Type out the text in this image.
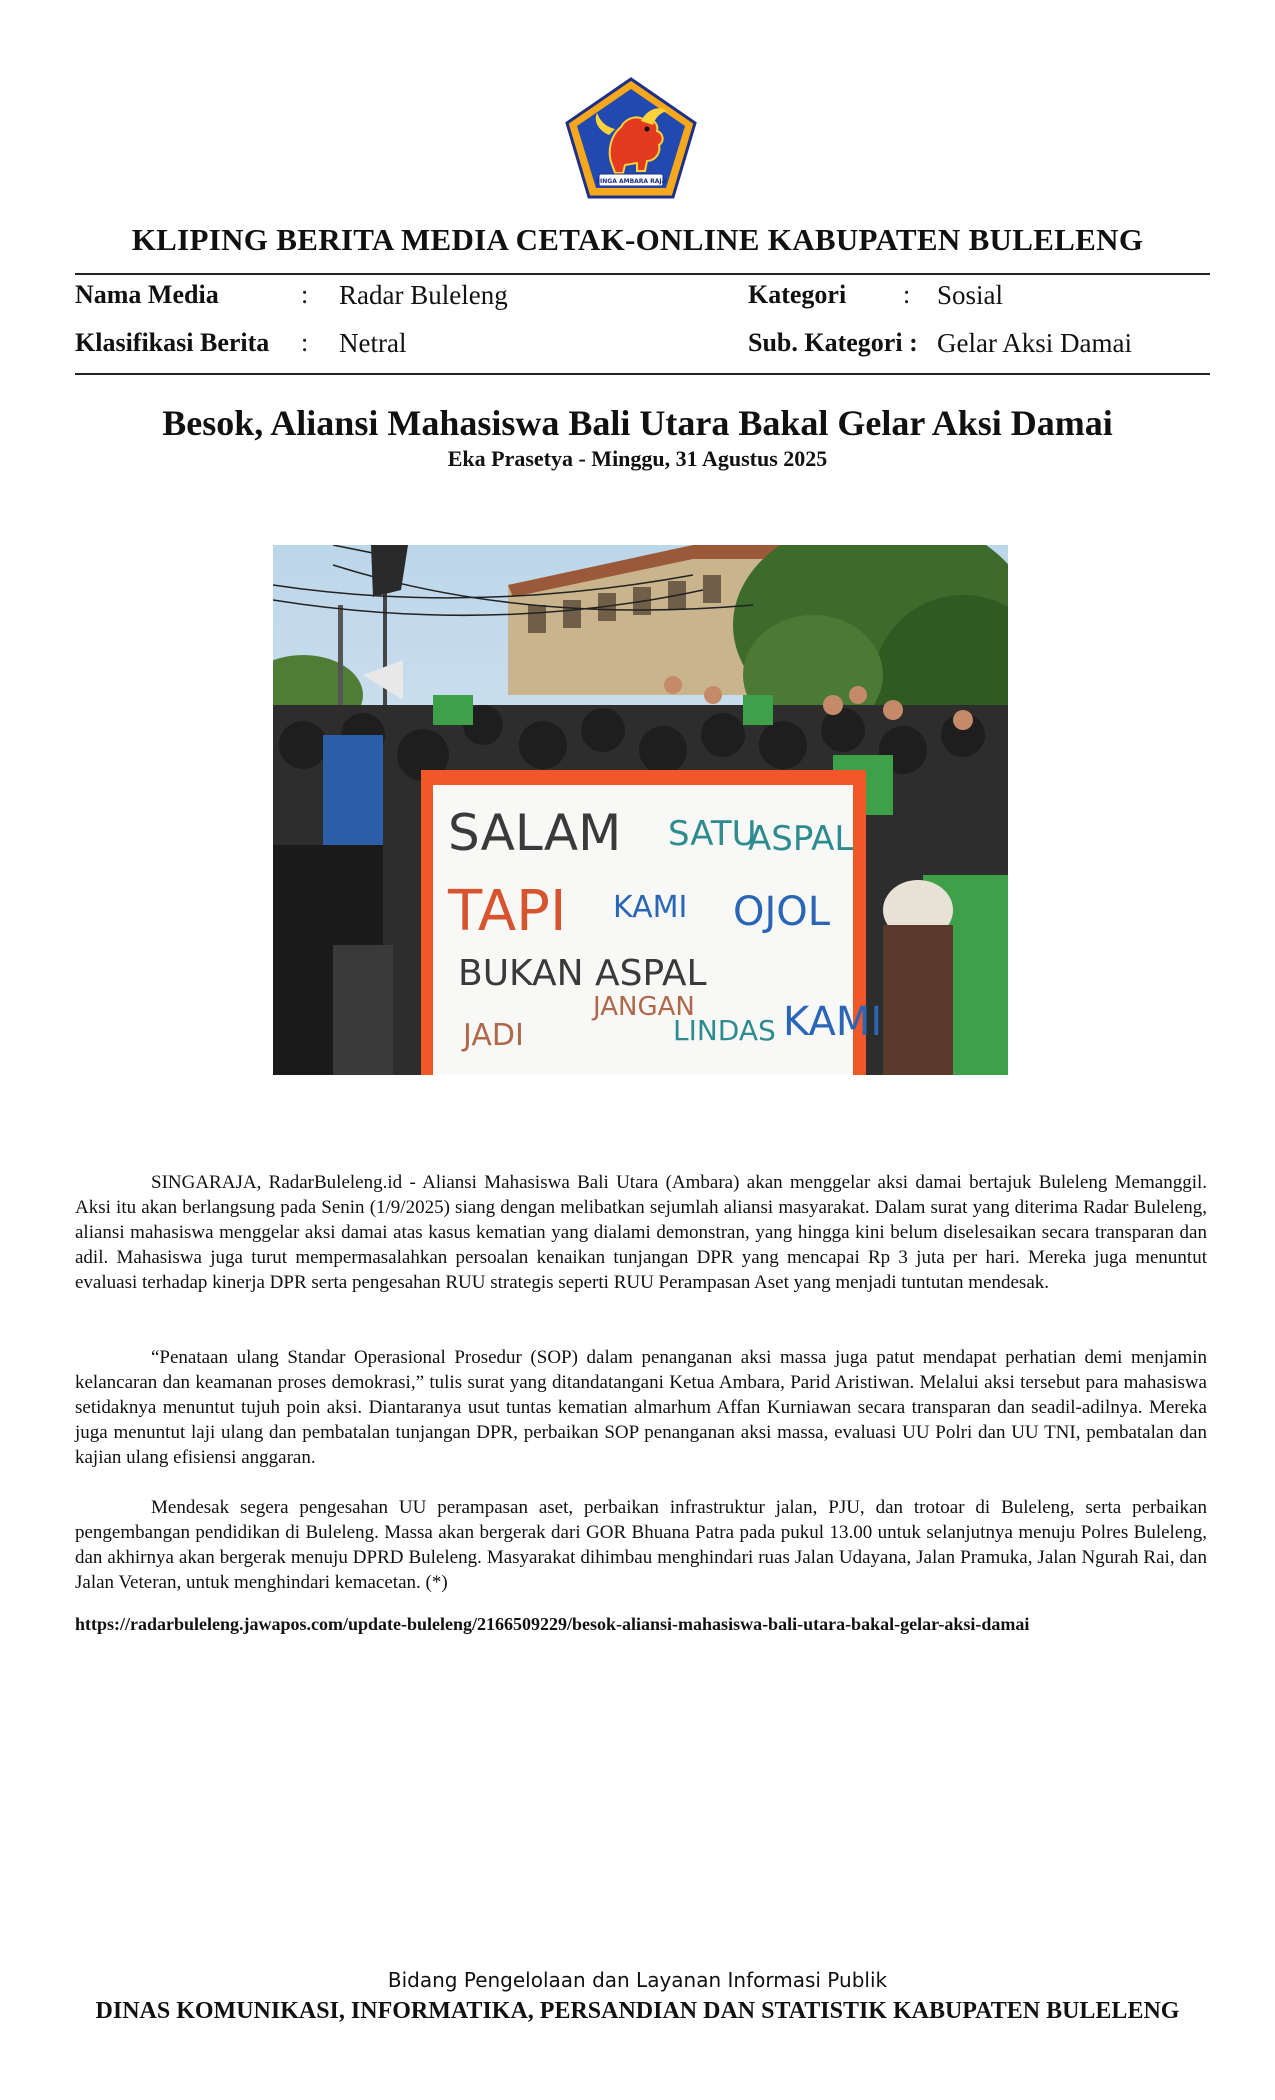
SINGA AMBARA RAJA
KLIPING BERITA MEDIA CETAK-ONLINE KABUPATEN BULELENG
Nama Media	: Radar Buleleng	Kategori : Sosial
Klasifikasi Berita : Netral	Sub. Kategori : Gelar Aksi Damai
Besok, Aliansi Mahasiswa Bali Utara Bakal Gelar Aksi Damai
Eka Prasetya - Minggu, 31 Agustus 2025
SALAM SATU
ASPAL
TAPI KAMI OJOL
BUKAN ASPAL
JADI
JANGAN
LINDAS KAMI
SINGARAJA, RadarBuleleng.id - Aliansi Mahasiswa Bali Utara (Ambara) akan menggelar aksi damai bertajuk Buleleng Memanggil. Aksi itu akan berlangsung pada Senin (1/9/2025) siang dengan melibatkan sejumlah aliansi masyarakat. Dalam surat yang diterima Radar Buleleng, aliansi mahasiswa menggelar aksi damai atas kasus kematian yang dialami demonstran, yang hingga kini belum diselesaikan secara transparan dan adil. Mahasiswa juga turut mempermasalahkan persoalan kenaikan tunjangan DPR yang mencapai Rp 3 juta per hari. Mereka juga menuntut evaluasi terhadap kinerja DPR serta pengesahan RUU strategis seperti RUU Perampasan Aset yang menjadi tuntutan mendesak.
“Penataan ulang Standar Operasional Prosedur (SOP) dalam penanganan aksi massa juga patut mendapat perhatian demi menjamin kelancaran dan keamanan proses demokrasi,” tulis surat yang ditandatangani Ketua Ambara, Parid Aristiwan. Melalui aksi tersebut para mahasiswa setidaknya menuntut tujuh poin aksi. Diantaranya usut tuntas kematian almarhum Affan Kurniawan secara transparan dan seadil-adilnya. Mereka juga menuntut laji ulang dan pembatalan tunjangan DPR, perbaikan SOP penanganan aksi massa, evaluasi UU Polri dan UU TNI, pembatalan dan kajian ulang efisiensi anggaran.
Mendesak segera pengesahan UU perampasan aset, perbaikan infrastruktur jalan, PJU, dan trotoar di Buleleng, serta perbaikan pengembangan pendidikan di Buleleng. Massa akan bergerak dari GOR Bhuana Patra pada pukul 13.00 untuk selanjutnya menuju Polres Buleleng, dan akhirnya akan bergerak menuju DPRD Buleleng. Masyarakat dihimbau menghindari ruas Jalan Udayana, Jalan Pramuka, Jalan Ngurah Rai, dan Jalan Veteran, untuk menghindari kemacetan. (*)
https://radarbuleleng.jawapos.com/update-buleleng/2166509229/besok-aliansi-mahasiswa-bali-utara-bakal-gelar-aksi-damai
Bidang Pengelolaan dan Layanan Informasi Publik
DINAS KOMUNIKASI, INFORMATIKA, PERSANDIAN DAN STATISTIK KABUPATEN BULELENG
